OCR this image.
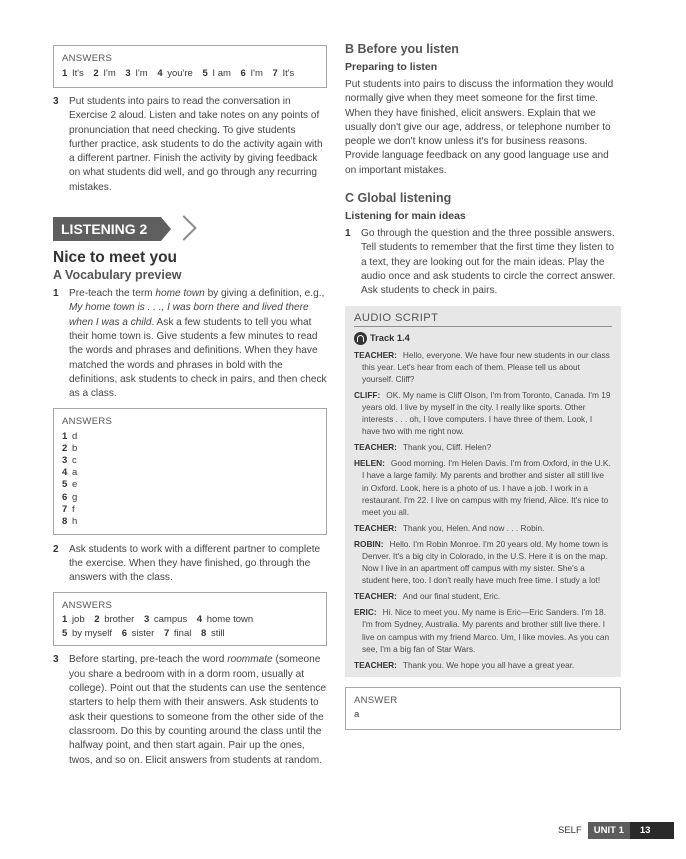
ANSWERS
1 It's 2 I'm 3 I'm 4 you're 5 I am 6 I'm 7 It's
3	Put students into pairs to read the conversation in Exercise 2 aloud. Listen and take notes on any points of pronunciation that need checking. To give students further practice, ask students to do the activity again with a different partner. Finish the activity by giving feedback on what students did well, and go through any recurring mistakes.
LISTENING 2
Nice to meet you
A Vocabulary preview
1	Pre-teach the term home town by giving a definition, e.g., My home town is . . ., I was born there and lived there when I was a child. Ask a few students to tell you what their home town is. Give students a few minutes to read the words and phrases and definitions. When they have matched the words and phrases in bold with the definitions, ask students to check in pairs, and then check as a class.
ANSWERS
1 d
2 b
3 c
4 a
5 e
6 g
7 f
8 h
2	Ask students to work with a different partner to complete the exercise. When they have finished, go through the answers with the class.
ANSWERS
1 job 2 brother 3 campus 4 home town
5 by myself 6 sister 7 final 8 still
3	Before starting, pre-teach the word roommate (someone you share a bedroom with in a dorm room, usually at college). Point out that the students can use the sentence starters to help them with their answers. Ask students to ask their questions to someone from the other side of the classroom. Do this by counting around the class until the halfway point, and then start again. Pair up the ones, twos, and so on. Elicit answers from students at random.
B Before you listen
Preparing to listen

Put students into pairs to discuss the information they would normally give when they meet someone for the first time. When they have finished, elicit answers. Explain that we usually don't give our age, address, or telephone number to people we don't know unless it's for business reasons. Provide language feedback on any good language use and on important mistakes.

C Global listening
Listening for main ideas
1	Go through the question and the three possible answers. Tell students to remember that the first time they listen to a text, they are looking out for the main ideas. Play the audio once and ask students to circle the correct answer. Ask students to check in pairs.
AUDIO SCRIPT
Track 1.4
TEACHER: Hello, everyone. We have four new students in our class this year. Let's hear from each of them. Please tell us about yourself. Cliff?
CLIFF: OK. My name is Cliff Olson, I'm from Toronto, Canada. I'm 19 years old. I live by myself in the city. I really like sports. Other interests . . . oh, I love computers. I have three of them. Look, I have two with me right now.
TEACHER: Thank you, Cliff. Helen?
HELEN: Good morning. I'm Helen Davis. I'm from Oxford, in the U.K. I have a large family. My parents and brother and sister all still live in Oxford. Look, here is a photo of us. I have a job. I work in a restaurant. I'm 22. I live on campus with my friend, Alice. It's nice to meet you all.
TEACHER: Thank you, Helen. And now . . . Robin.
ROBIN: Hello. I'm Robin Monroe. I'm 20 years old. My home town is Denver. It's a big city in Colorado, in the U.S. Here it is on the map. Now I live in an apartment off campus with my sister. She's a student here, too. I don't really have much free time. I study a lot!
TEACHER: And our final student, Eric.
ERIC: Hi. Nice to meet you. My name is Eric—Eric Sanders. I'm 18. I'm from Sydney, Australia. My parents and brother still live there. I live on campus with my friend Marco. Um, I like movies. As you can see, I'm a big fan of Star Wars.
TEACHER: Thank you. We hope you all have a great year.
ANSWER
a
SELF	UNIT 1	13
